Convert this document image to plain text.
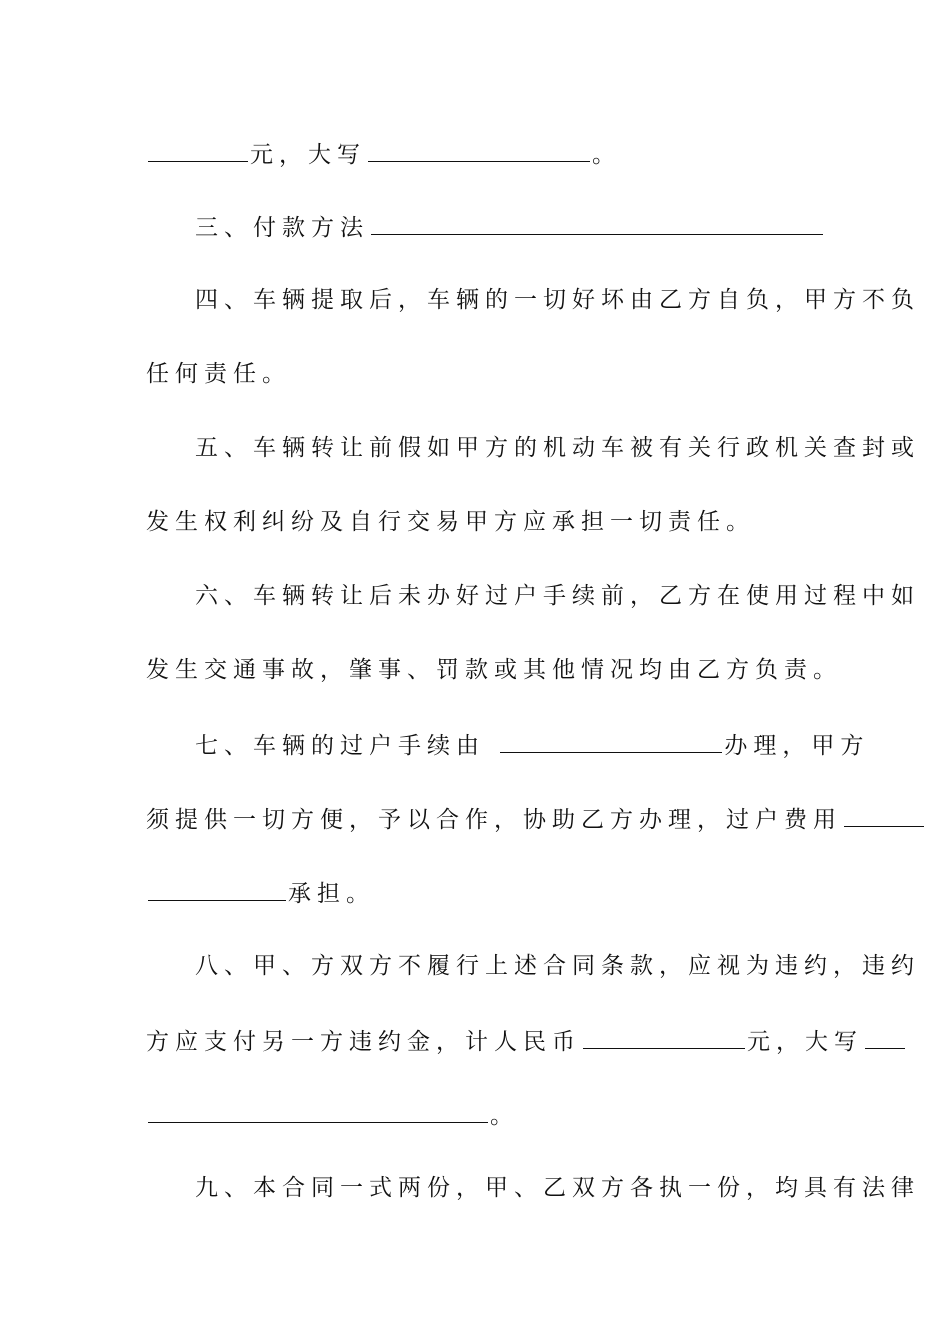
元，大写	。
三、付款方法
四、车辆提取后，车辆的一切好坏由乙方自负，甲方不负
任何责任。
五、车辆转让前假如甲方的机动车被有关行政机关查封或
发生权利纠纷及自行交易甲方应承担一切责任。
六、车辆转让后未办好过户手续前，乙方在使用过程中如
发生交通事故，肇事、罚款或其他情况均由乙方负责。
七、车辆的过户手续由	办理，甲方
须提供一切方便，予以合作，协助乙方办理，过户费用
承担。
八、甲、方双方不履行上述合同条款，应视为违约，违约
方应支付另一方违约金，计人民币	元，大写
。
九、本合同一式两份，甲、乙双方各执一份，均具有法律
